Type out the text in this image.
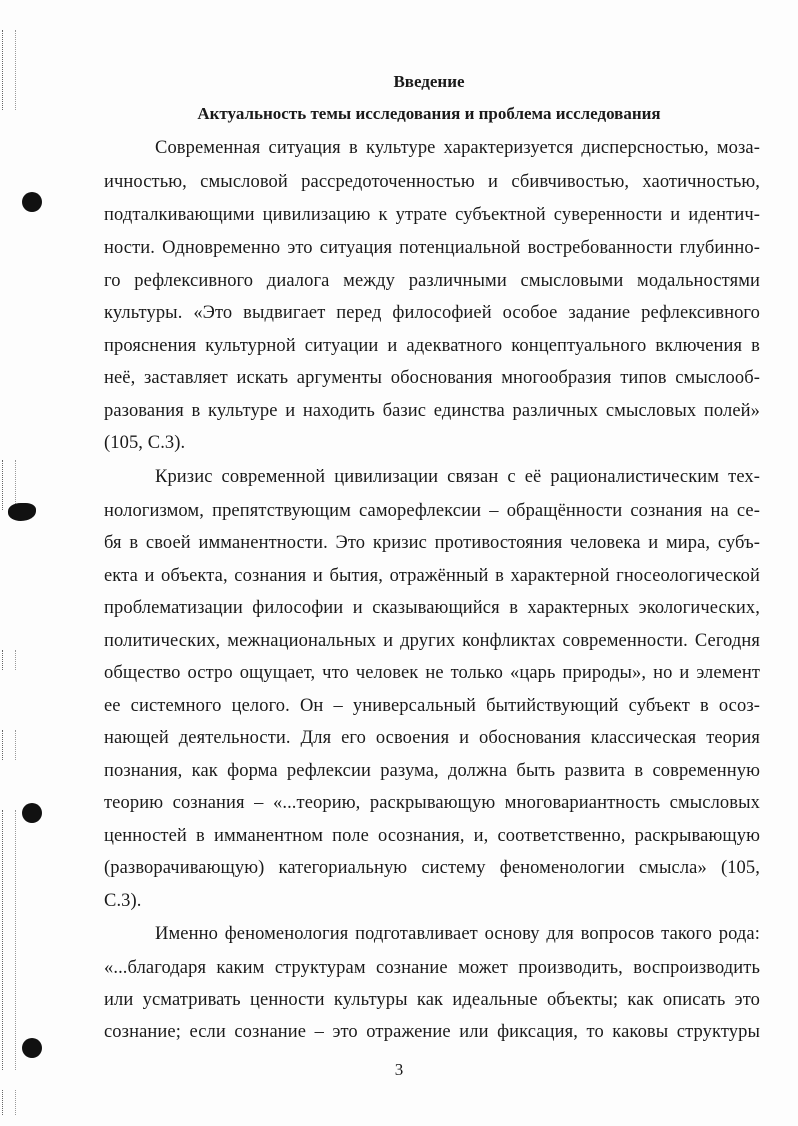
Введение
Актуальность темы исследования и проблема исследования
Современная ситуация в культуре характеризуется дисперсностью, моза-
ичностью, смысловой рассредоточенностью и сбивчивостью, хаотичностью,
подталкивающими цивилизацию к утрате субъектной суверенности и идентич-
ности. Одновременно это ситуация потенциальной востребованности глубинно-
го рефлексивного диалога между различными смысловыми модальностями
культуры. «Это выдвигает перед философией особое задание рефлексивного
прояснения культурной ситуации и адекватного концептуального включения в
неё, заставляет искать аргументы обоснования многообразия типов смыслооб-
разования в культуре и находить базис единства различных смысловых полей»
(105, С.3).
Кризис современной цивилизации связан с её рационалистическим тех-
нологизмом, препятствующим саморефлексии – обращённости сознания на се-
бя в своей имманентности. Это кризис противостояния человека и мира, субъ-
екта и объекта, сознания и бытия, отражённый в характерной гносеологической
проблематизации философии и сказывающийся в характерных экологических,
политических, межнациональных и других конфликтах современности. Сегодня
общество остро ощущает, что человек не только «царь природы», но и элемент
ее системного целого. Он – универсальный бытийствующий субъект в осоз-
нающей деятельности. Для его освоения и обоснования классическая теория
познания, как форма рефлексии разума, должна быть развита в современную
теорию сознания – «...теорию, раскрывающую многовариантность смысловых
ценностей в имманентном поле осознания, и, соответственно, раскрывающую
(разворачивающую) категориальную систему феноменологии смысла» (105,
С.3).
Именно феноменология подготавливает основу для вопросов такого рода:
«...благодаря каким структурам сознание может производить, воспроизводить
или усматривать ценности культуры как идеальные объекты; как описать это
сознание; если сознание – это отражение или фиксация, то каковы структуры
3
